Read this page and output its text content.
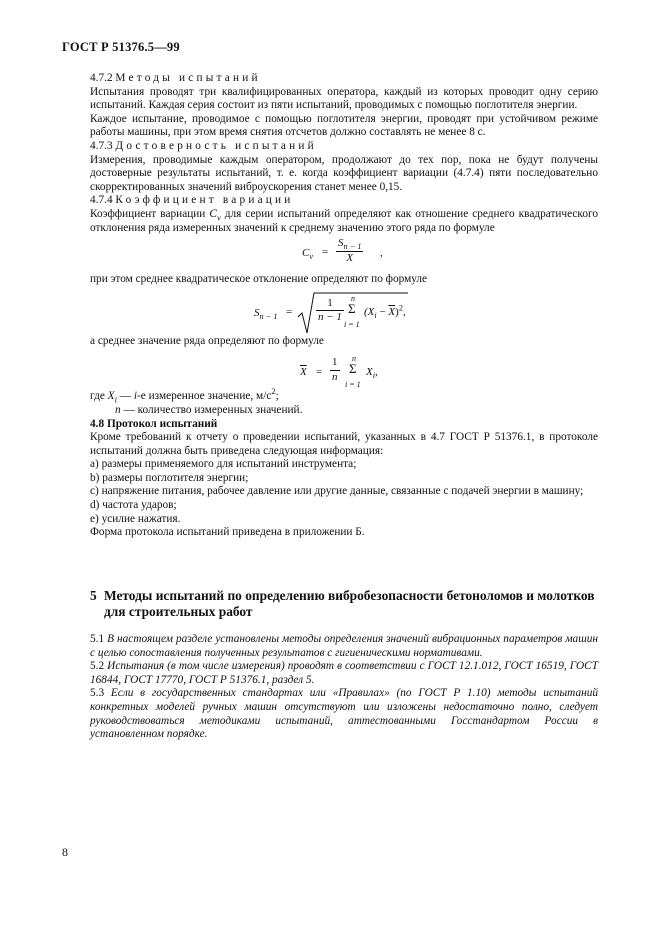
ГОСТ Р 51376.5—99

4.7.2 Методы испытаний

Испытания проводят три квалифицированных оператора, каждый из которых проводит одну серию испытаний. Каждая серия состоит из пяти испытаний, проводимых с помощью поглотителя энергии.

Каждое испытание, проводимое с помощью поглотителя энергии, проводят при устойчивом режиме работы машины, при этом время снятия отсчетов должно составлять не менее 8 с.

4.7.3 Достоверность испытаний

Измерения, проводимые каждым оператором, продолжают до тех пор, пока не будут получены достоверные результаты испытаний, т. е. когда коэффициент вариации (4.7.4) пяти последовательно скорректированных значений виброускорения станет менее 0,15.

4.7.4 Коэффициент вариации

Коэффициент вариации $C_v$ для серии испытаний определяют как отношение среднего квадратического отклонения ряда измеренных значений к среднему значению этого ряда по формуле

$C_v = \frac{S_{n - 1}}{X}$ ,

при этом среднее квадратическое отклонение определяют по формуле

$S_{n - 1} = \frac{1}{n - 1}$ n
Σ
i = 1
$(X_i - \overline{X})^2$,

а среднее значение ряда определяют по формуле

$\overline{X} = \frac{1}{n}$ n
Σ
i = 1
$X_i$,

где $X_i$ — i-е измеренное значение, $м/с^2$;

n — количество измеренных значений.

4.8 Протокол испытаний

Кроме требований к отчету о проведении испытаний, указанных в 4.7 ГОСТ Р 51376.1, в протоколе испытаний должна быть приведена следующая информация:

a) размеры применяемого для испытаний инструмента;

b) размеры поглотителя энергии;

c) напряжение питания, рабочее давление или другие данные, связанные с подачей энергии в машину;

d) частота ударов;

e) усилие нажатия.

Форма протокола испытаний приведена в приложении Б.

5 Методы испытаний по определению вибробезопасности бетоноломов и молотков для строительных работ

5.1 В настоящем разделе установлены методы определения значений вибрационных параметров машин с целью сопоставления полученных результатов с гигиеническими нормативами.

5.2 Испытания (в том числе измерения) проводят в соответствии с ГОСТ 12.1.012, ГОСТ 16519, ГОСТ 16844, ГОСТ 17770, ГОСТ Р 51376.1, раздел 5.

5.3 Если в государственных стандартах или «Правилах» (по ГОСТ Р 1.10) методы испытаний конкретных моделей ручных машин отсутствуют или изложены недостаточно полно, следует руководствоваться методиками испытаний, аттестованными Госстандартом России в установленном порядке.

8
